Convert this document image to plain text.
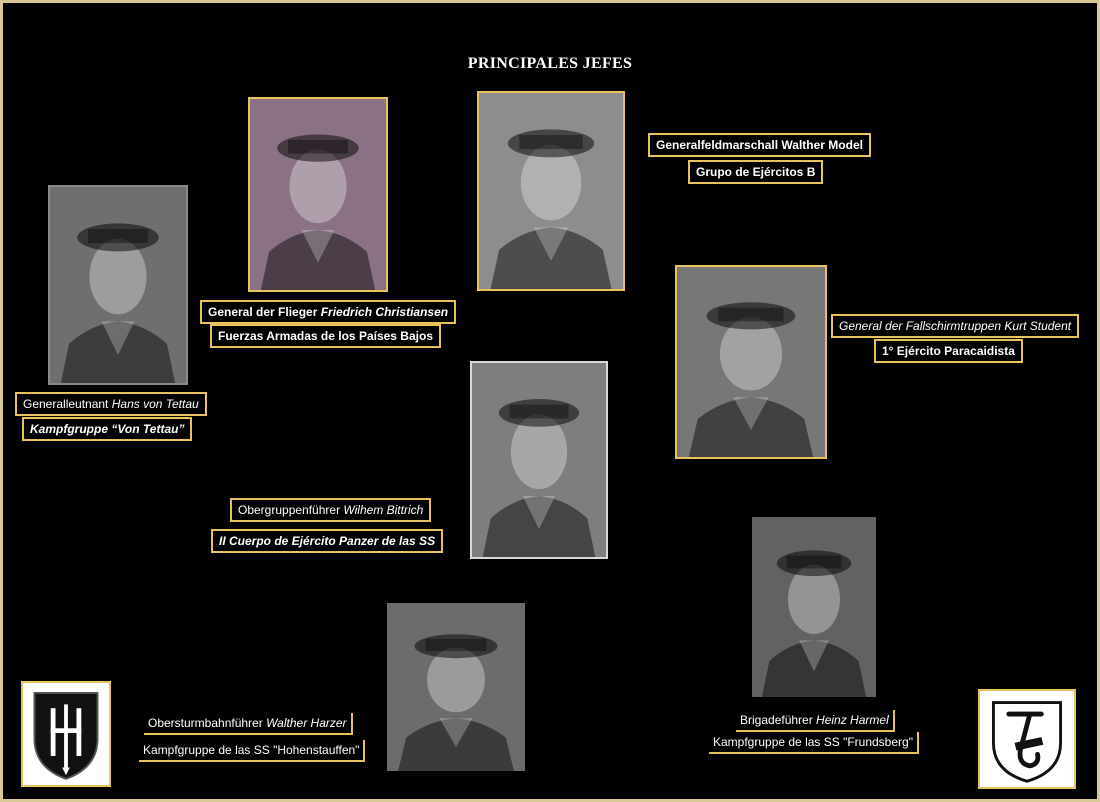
PRINCIPALES JEFES
Generalfeldmarschall Walther Model
Grupo de Ejércitos B
General der Flieger Friedrich Christiansen
Fuerzas Armadas de los Países Bajos
Generalleutnant Hans von Tettau
Kampfgruppe “Von Tettau”
General der Fallschirmtruppen Kurt Student
1° Ejército Paracaidista
Obergruppenführer Wilhem Bittrich
II Cuerpo de Ejército Panzer de las SS
Brigadeführer Heinz Harmel
Kampfgruppe de las SS "Frundsberg"
Obersturmbahnführer Walther Harzer
Kampfgruppe de las SS "Hohenstauffen"
